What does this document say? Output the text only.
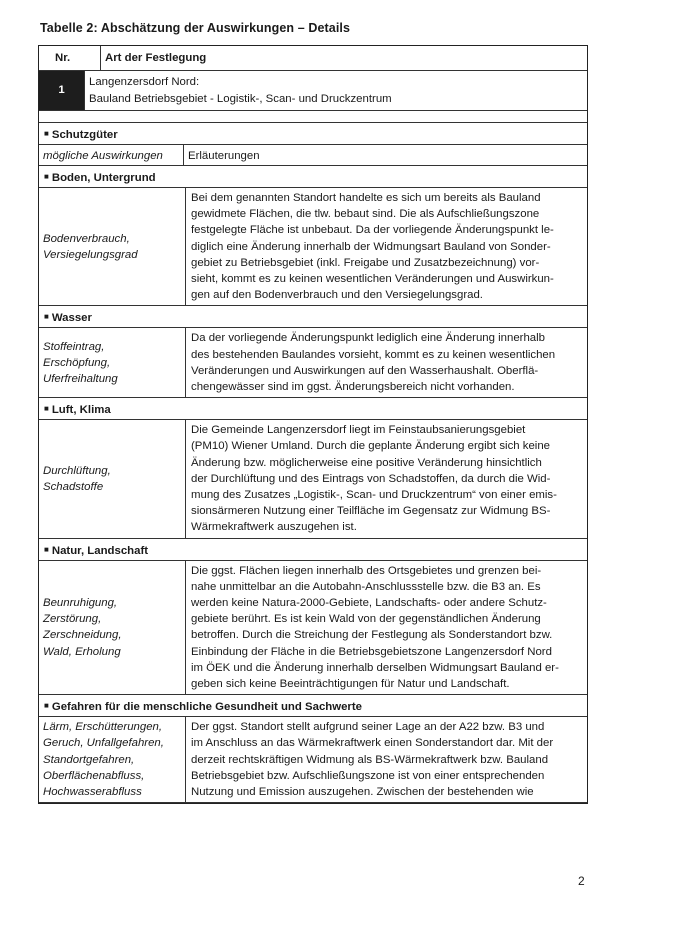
Tabelle 2: Abschätzung der Auswirkungen – Details
Nr.	Art der Festlegung
1
Langenzersdorf Nord:
Bauland Betriebsgebiet - Logistik-, Scan- und Druckzentrum
■ Schutzgüter
mögliche Auswirkungen	Erläuterungen
■ Boden, Untergrund
Bodenverbrauch,
Versiegelungsgrad
Bei dem genannten Standort handelte es sich um bereits als Bauland
gewidmete Flächen, die tlw. bebaut sind. Die als Aufschließungszone
festgelegte Fläche ist unbebaut. Da der vorliegende Änderungspunkt le-
diglich eine Änderung innerhalb der Widmungsart Bauland von Sonder-
gebiet zu Betriebsgebiet (inkl. Freigabe und Zusatzbezeichnung) vor-
sieht, kommt es zu keinen wesentlichen Veränderungen und Auswirkun-
gen auf den Bodenverbrauch und den Versiegelungsgrad.
■ Wasser
Stoffeintrag,
Erschöpfung,
Uferfreihaltung
Da der vorliegende Änderungspunkt lediglich eine Änderung innerhalb
des bestehenden Baulandes vorsieht, kommt es zu keinen wesentlichen
Veränderungen und Auswirkungen auf den Wasserhaushalt. Oberflä-
chengewässer sind im ggst. Änderungsbereich nicht vorhanden.
■ Luft, Klima
Durchlüftung,
Schadstoffe
Die Gemeinde Langenzersdorf liegt im Feinstaubsanierungsgebiet
(PM10) Wiener Umland. Durch die geplante Änderung ergibt sich keine
Änderung bzw. möglicherweise eine positive Veränderung hinsichtlich
der Durchlüftung und des Eintrags von Schadstoffen, da durch die Wid-
mung des Zusatzes „Logistik-, Scan- und Druckzentrum“ von einer emis-
sionsärmeren Nutzung einer Teilfläche im Gegensatz zur Widmung BS-
Wärmekraftwerk auszugehen ist.
■ Natur, Landschaft
Beunruhigung,
Zerstörung,
Zerschneidung,
Wald, Erholung
Die ggst. Flächen liegen innerhalb des Ortsgebietes und grenzen bei-
nahe unmittelbar an die Autobahn-Anschlussstelle bzw. die B3 an. Es
werden keine Natura-2000-Gebiete, Landschafts- oder andere Schutz-
gebiete berührt. Es ist kein Wald von der gegenständlichen Änderung
betroffen. Durch die Streichung der Festlegung als Sonderstandort bzw.
Einbindung der Fläche in die Betriebsgebietszone Langenzersdorf Nord
im ÖEK und die Änderung innerhalb derselben Widmungsart Bauland er-
geben sich keine Beeinträchtigungen für Natur und Landschaft.
■ Gefahren für die menschliche Gesundheit und Sachwerte
Lärm, Erschütterungen,
Geruch, Unfallgefahren,
Standortgefahren,
Oberflächenabfluss,
Hochwasserabfluss
Der ggst. Standort stellt aufgrund seiner Lage an der A22 bzw. B3 und
im Anschluss an das Wärmekraftwerk einen Sonderstandort dar. Mit der
derzeit rechtskräftigen Widmung als BS-Wärmekraftwerk bzw. Bauland
Betriebsgebiet bzw. Aufschließungszone ist von einer entsprechenden
Nutzung und Emission auszugehen. Zwischen der bestehenden wie
2
